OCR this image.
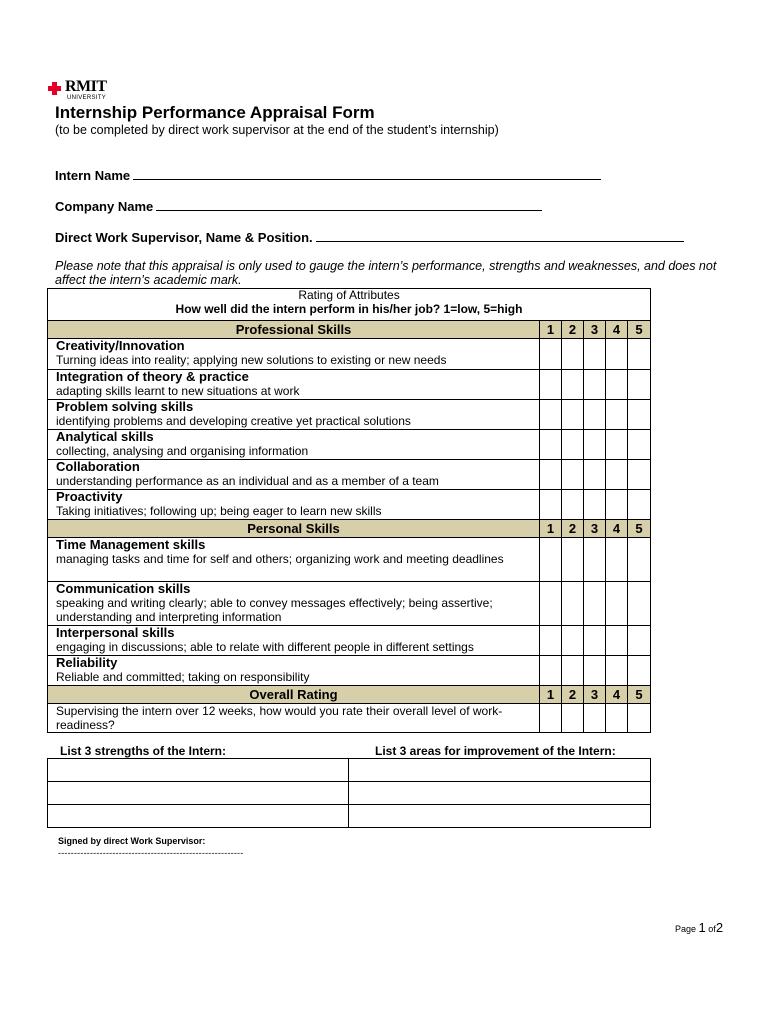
RMIT
UNIVERSITY
Internship Performance Appraisal Form
(to be completed by direct work supervisor at the end of the student’s internship)
Intern Name
Company Name
Direct Work Supervisor, Name & Position.
Please note that this appraisal is only used to gauge the intern’s performance, strengths and weaknesses, and does not affect the intern’s academic mark.
Rating of Attributes
How well did the intern perform in his/her job? 1=low, 5=high					

Professional Skills	1	2	3	4	5

Creativity/Innovation
Turning ideas into reality; applying new solutions to existing or new needs					

Integration of theory & practice
adapting skills learnt to new situations at work					

Problem solving skills
identifying problems and developing creative yet practical solutions					

Analytical skills
collecting, analysing and organising information					

Collaboration
understanding performance as an individual and as a member of a team					

Proactivity
Taking initiatives; following up; being eager to learn new skills					

Personal Skills	1	2	3	4	5

Time Management skills
managing tasks and time for self and others; organizing work and meeting deadlines					

Communication skills
speaking and writing clearly; able to convey messages effectively; being assertive; understanding and interpreting information					

Interpersonal skills
engaging in discussions; able to relate with different people in different settings					

Reliability
Reliable and committed; taking on responsibility					

Overall Rating	1	2	3	4	5

Supervising the intern over 12 weeks, how would you rate their overall level of work-readiness?					

List 3 strengths of the Intern:	List 3 areas for improvement of the Intern:

Signed by direct Work Supervisor:
----------------------------------------------------------
Page 1 of2
